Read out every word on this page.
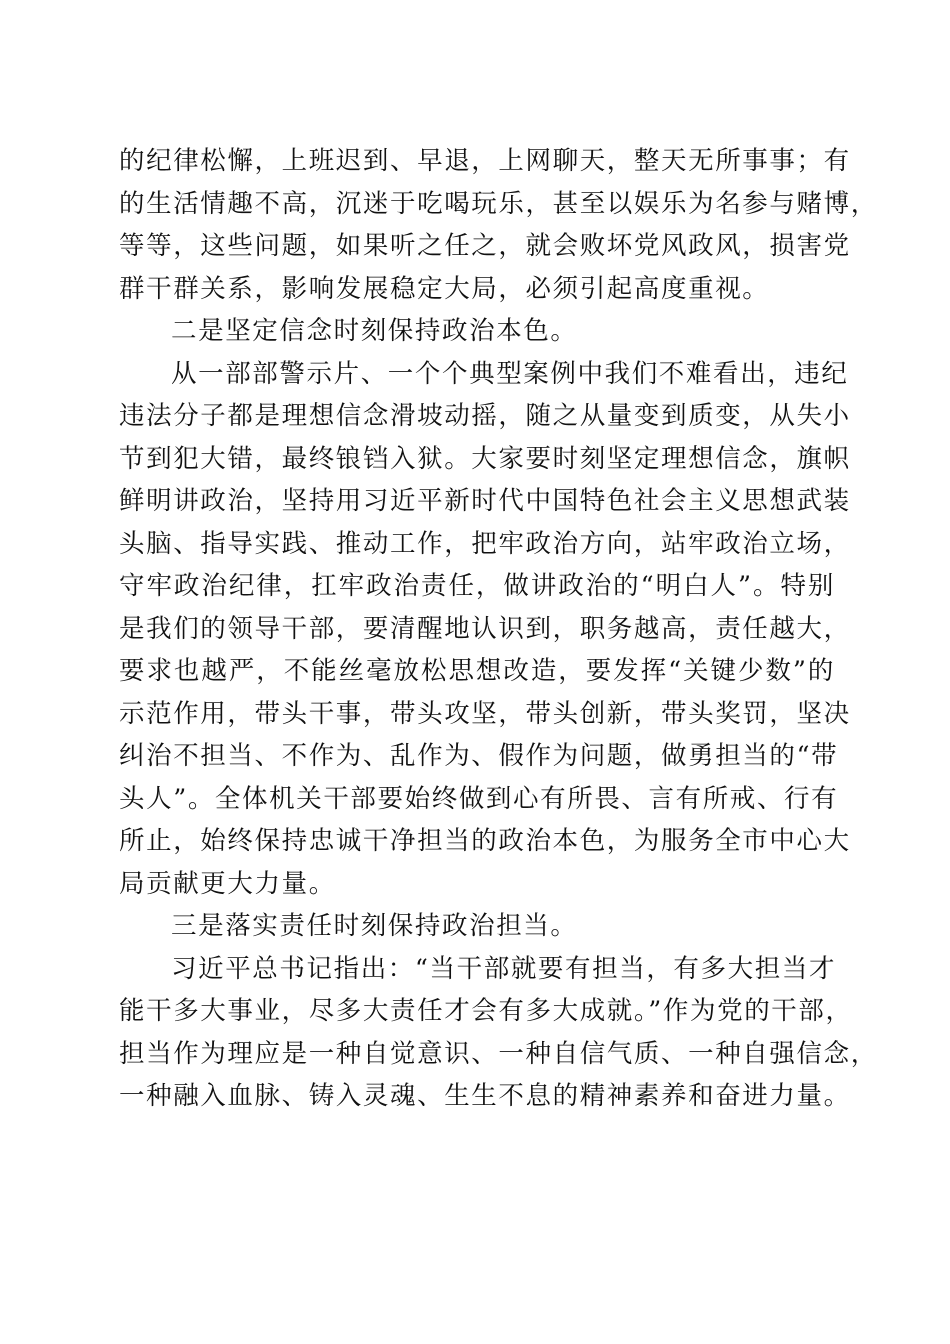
的纪律松懈，上班迟到、早退，上网聊天，整天无所事事；有
的生活情趣不高，沉迷于吃喝玩乐，甚至以娱乐为名参与赌博，
等等，这些问题，如果听之任之，就会败坏党风政风，损害党
群干群关系，影响发展稳定大局，必须引起高度重视。
二是坚定信念时刻保持政治本色。
从一部部警示片、一个个典型案例中我们不难看出，违纪
违法分子都是理想信念滑坡动摇，随之从量变到质变，从失小
节到犯大错，最终锒铛入狱。大家要时刻坚定理想信念，旗帜
鲜明讲政治，坚持用习近平新时代中国特色社会主义思想武装
头脑、指导实践、推动工作，把牢政治方向，站牢政治立场，
守牢政治纪律，扛牢政治责任，做讲政治的“明白人”。特别
是我们的领导干部，要清醒地认识到，职务越高，责任越大，
要求也越严，不能丝毫放松思想改造，要发挥“关键少数”的
示范作用，带头干事，带头攻坚，带头创新，带头奖罚，坚决
纠治不担当、不作为、乱作为、假作为问题，做勇担当的“带
头人”。全体机关干部要始终做到心有所畏、言有所戒、行有
所止，始终保持忠诚干净担当的政治本色，为服务全市中心大
局贡献更大力量。
三是落实责任时刻保持政治担当。
习近平总书记指出：“当干部就要有担当，有多大担当才
能干多大事业，尽多大责任才会有多大成就。”作为党的干部，
担当作为理应是一种自觉意识、一种自信气质、一种自强信念，
一种融入血脉、铸入灵魂、生生不息的精神素养和奋进力量。
